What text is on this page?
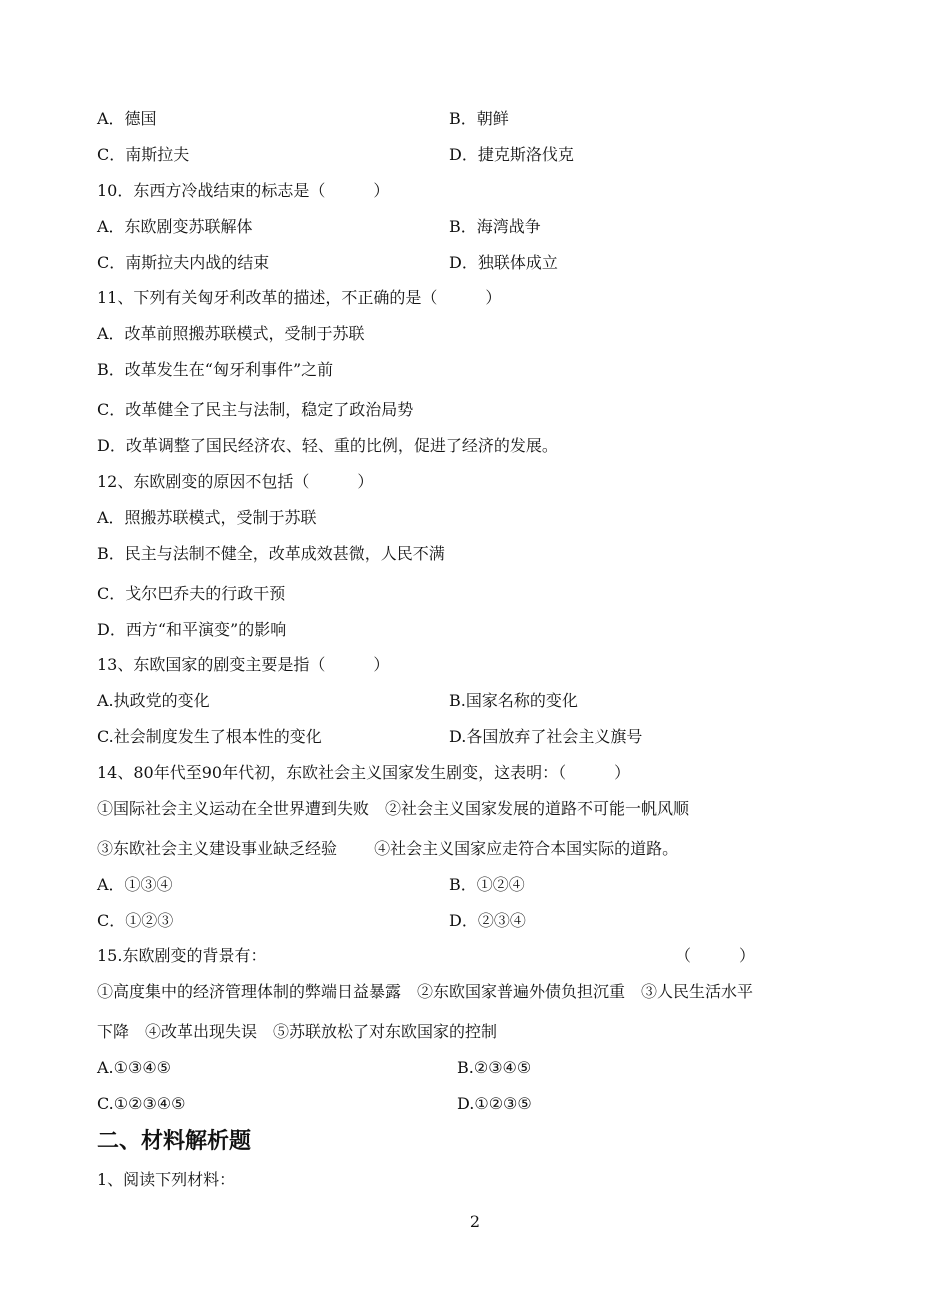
A．德国	B．朝鲜
C．南斯拉夫	D．捷克斯洛伐克
10．东西方冷战结束的标志是（　　　）
A．东欧剧变苏联解体	B．海湾战争
C．南斯拉夫内战的结束	D．独联体成立
11、下列有关匈牙利改革的描述，不正确的是（　　　）
A．改革前照搬苏联模式，受制于苏联
B．改革发生在“匈牙利事件”之前
C．改革健全了民主与法制，稳定了政治局势
D．改革调整了国民经济农、轻、重的比例，促进了经济的发展。
12、东欧剧变的原因不包括（　　　）
A．照搬苏联模式，受制于苏联
B．民主与法制不健全，改革成效甚微，人民不满
C．戈尔巴乔夫的行政干预
D．西方“和平演变”的影响
13、东欧国家的剧变主要是指（　　　）
A.执政党的变化	B.国家名称的变化
C.社会制度发生了根本性的变化	D.各国放弃了社会主义旗号
14、80年代至90年代初，东欧社会主义国家发生剧变，这表明：（　　　）
①国际社会主义运动在全世界遭到失败　②社会主义国家发展的道路不可能一帆风顺
③东欧社会主义建设事业缺乏经验　　 ④社会主义国家应走符合本国实际的道路。
A．①③④	B．①②④
C．①②③	D．②③④
15.东欧剧变的背景有：
①高度集中的经济管理体制的弊端日益暴露　②东欧国家普遍外债负担沉重　③人民生活水平
下降　④改革出现失误　⑤苏联放松了对东欧国家的控制
A.①③④⑤	B.②③④⑤
C.①②③④⑤	D.①②③⑤
1、阅读下列材料：
（　　　）
二、材料解析题
2
